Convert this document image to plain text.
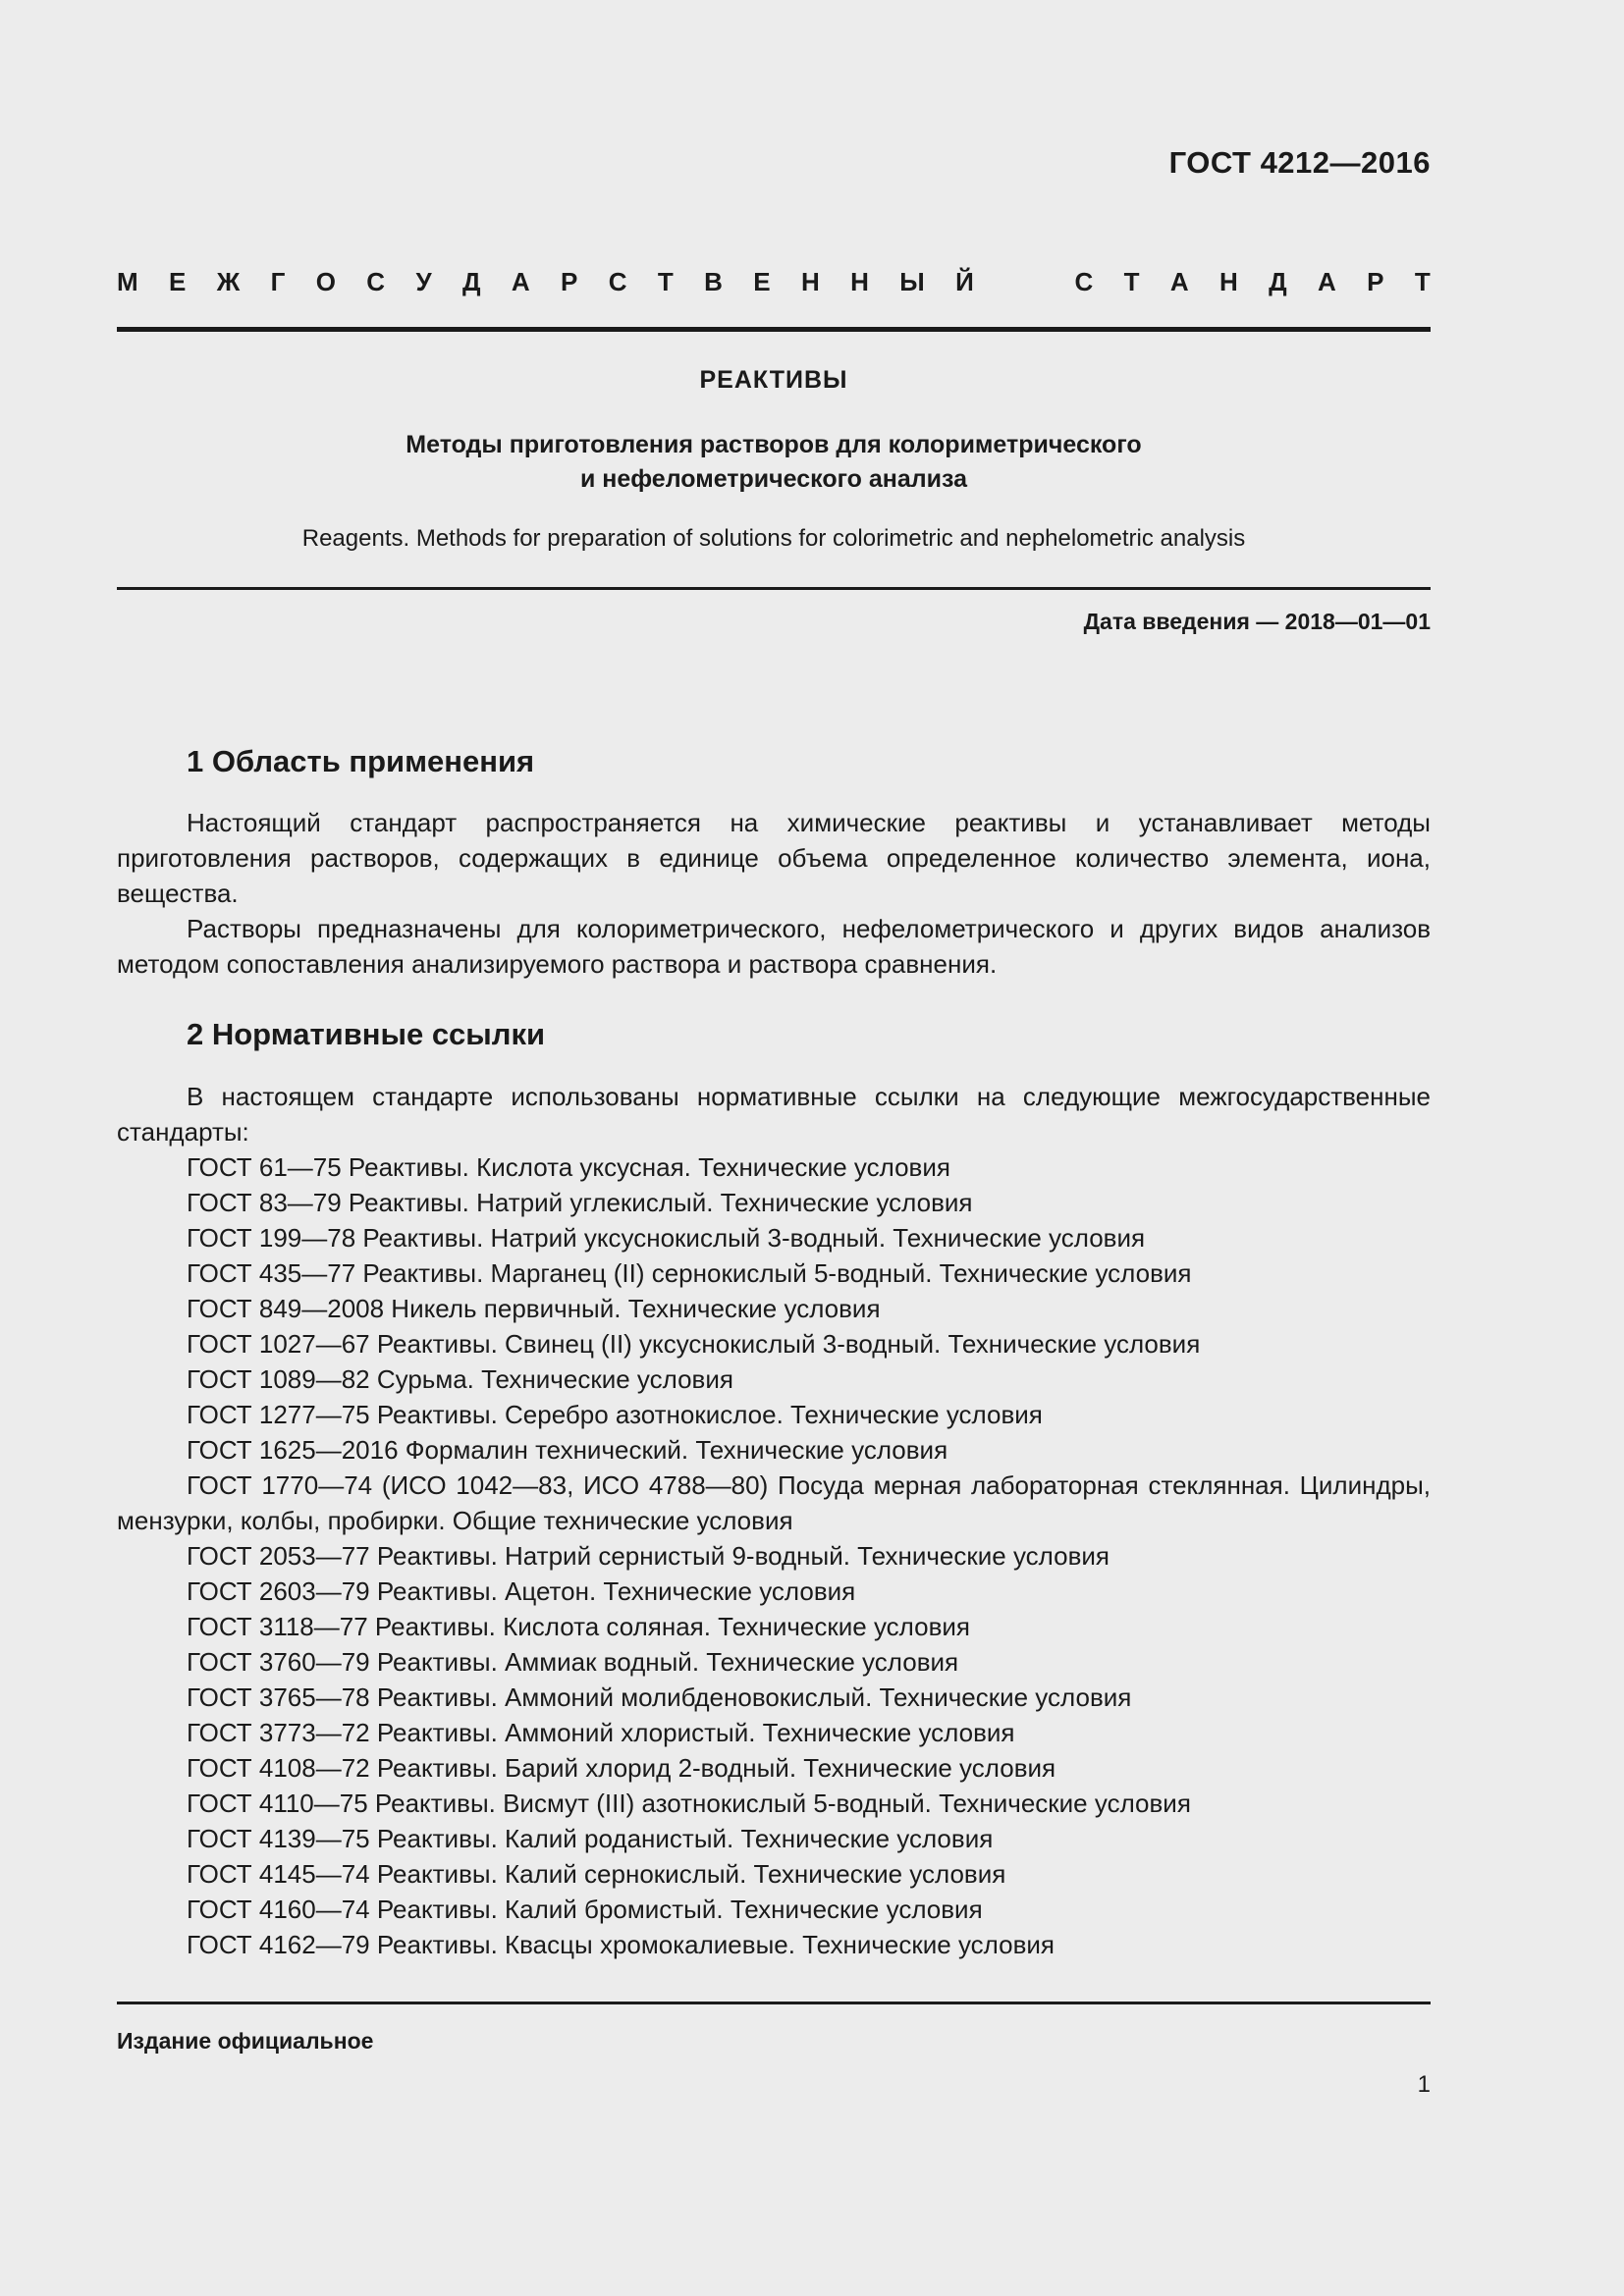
ГОСТ 4212—2016
М Е Ж Г О С У Д А Р С Т В Е Н Н Ы Й	С Т А Н Д А Р Т
РЕАКТИВЫ
Методы приготовления растворов для колориметрического
и нефелометрического анализа
Reagents. Methods for preparation of solutions for colorimetric and nephelometric analysis
Дата введения — 2018—01—01
1 Область применения

Настоящий стандарт распространяется на химические реактивы и устанавливает методы приготовления растворов, содержащих в единице объема определенное количество элемента, иона, вещества.

Растворы предназначены для колориметрического, нефелометрического и других видов анализов методом сопоставления анализируемого раствора и раствора сравнения.

2 Нормативные ссылки

В настоящем стандарте использованы нормативные ссылки на следующие межгосударственные стандарты:

ГОСТ 61—75 Реактивы. Кислота уксусная. Технические условия
ГОСТ 83—79 Реактивы. Натрий углекислый. Технические условия
ГОСТ 199—78 Реактивы. Натрий уксуснокислый 3-водный. Технические условия
ГОСТ 435—77 Реактивы. Марганец (II) сернокислый 5-водный. Технические условия
ГОСТ 849—2008 Никель первичный. Технические условия
ГОСТ 1027—67 Реактивы. Свинец (II) уксуснокислый 3-водный. Технические условия
ГОСТ 1089—82 Сурьма. Технические условия
ГОСТ 1277—75 Реактивы. Серебро азотнокислое. Технические условия
ГОСТ 1625—2016 Формалин технический. Технические условия
ГОСТ 1770—74 (ИСО 1042—83, ИСО 4788—80) Посуда мерная лабораторная стеклянная. Цилиндры, мензурки, колбы, пробирки. Общие технические условия
ГОСТ 2053—77 Реактивы. Натрий сернистый 9-водный. Технические условия
ГОСТ 2603—79 Реактивы. Ацетон. Технические условия
ГОСТ 3118—77 Реактивы. Кислота соляная. Технические условия
ГОСТ 3760—79 Реактивы. Аммиак водный. Технические условия
ГОСТ 3765—78 Реактивы. Аммоний молибденовокислый. Технические условия
ГОСТ 3773—72 Реактивы. Аммоний хлористый. Технические условия
ГОСТ 4108—72 Реактивы. Барий хлорид 2-водный. Технические условия
ГОСТ 4110—75 Реактивы. Висмут (III) азотнокислый 5-водный. Технические условия
ГОСТ 4139—75 Реактивы. Калий роданистый. Технические условия
ГОСТ 4145—74 Реактивы. Калий сернокислый. Технические условия
ГОСТ 4160—74 Реактивы. Калий бромистый. Технические условия
ГОСТ 4162—79 Реактивы. Квасцы хромокалиевые. Технические условия
Издание официальное
1
